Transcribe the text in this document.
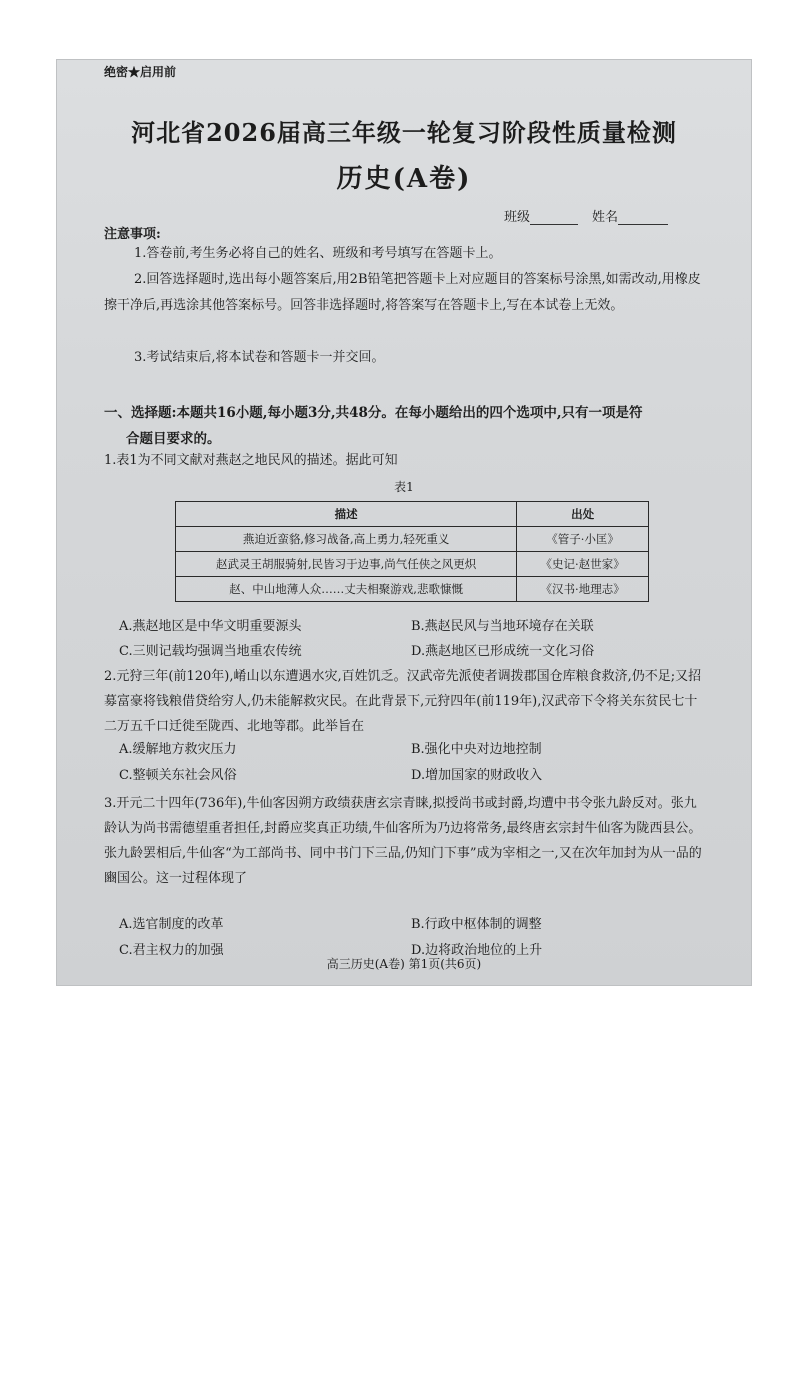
绝密★启用前
河北省2026届高三年级一轮复习阶段性质量检测
历史(A卷)
班级	姓名
注意事项:
1.答卷前,考生务必将自己的姓名、班级和考号填写在答题卡上。
2.回答选择题时,选出每小题答案后,用2B铅笔把答题卡上对应题目的答案标号涂黑,如需改动,用橡皮擦干净后,再选涂其他答案标号。回答非选择题时,将答案写在答题卡上,写在本试卷上无效。
3.考试结束后,将本试卷和答题卡一并交回。
一、选择题:本题共16小题,每小题3分,共48分。在每小题给出的四个选项中,只有一项是符
合题目要求的。
1.表1为不同文献对燕赵之地民风的描述。据此可知
表1
描述	出处
燕迫近蛮貉,修习战备,高上勇力,轻死重义	《管子·小匡》
赵武灵王胡服骑射,民皆习于边事,尚气任侠之风更炽	《史记·赵世家》
赵、中山地薄人众……丈夫相聚游戏,悲歌慷慨	《汉书·地理志》
A.燕赵地区是中华文明重要源头	B.燕赵民风与当地环境存在关联
C.三则记载均强调当地重农传统	D.燕赵地区已形成统一文化习俗
2.元狩三年(前120年),崤山以东遭遇水灾,百姓饥乏。汉武帝先派使者调拨郡国仓库粮食救济,仍不足;又招募富豪将钱粮借贷给穷人,仍未能解救灾民。在此背景下,元狩四年(前119年),汉武帝下令将关东贫民七十二万五千口迁徙至陇西、北地等郡。此举旨在
A.缓解地方救灾压力	B.强化中央对边地控制
C.整顿关东社会风俗	D.增加国家的财政收入
3.开元二十四年(736年),牛仙客因朔方政绩获唐玄宗青睐,拟授尚书或封爵,均遭中书令张九龄反对。张九龄认为尚书需德望重者担任,封爵应奖真正功绩,牛仙客所为乃边将常务,最终唐玄宗封牛仙客为陇西县公。张九龄罢相后,牛仙客“为工部尚书、同中书门下三品,仍知门下事”成为宰相之一,又在次年加封为从一品的豳国公。这一过程体现了
A.选官制度的改革	B.行政中枢体制的调整
C.君主权力的加强	D.边将政治地位的上升
高三历史(A卷) 第1页(共6页)
